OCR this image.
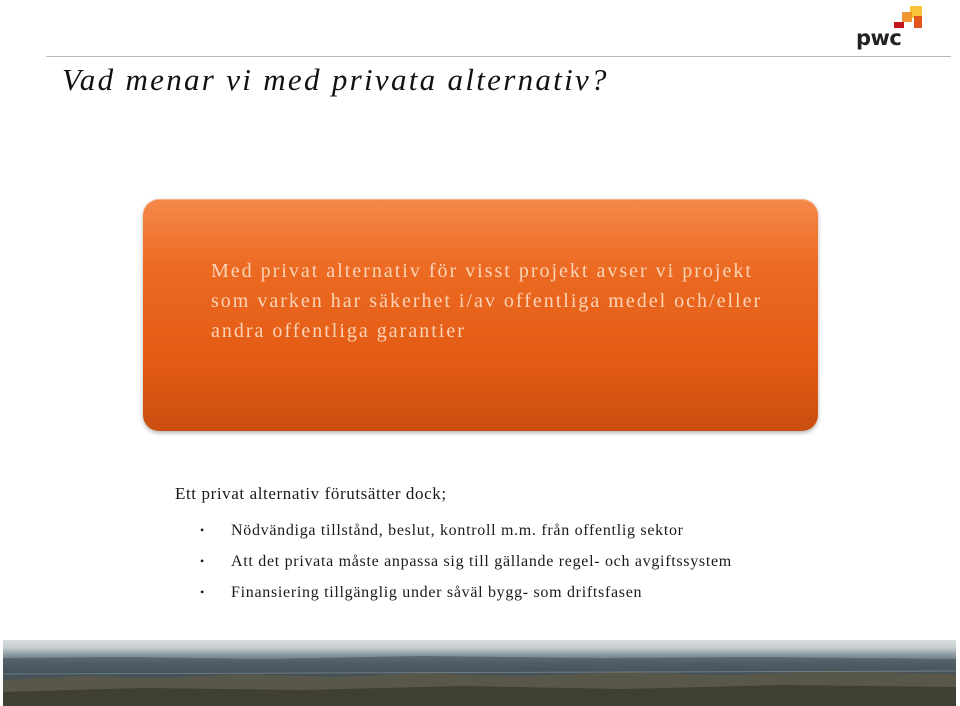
pwc
Vad menar vi med privata alternativ?
Med privat alternativ för visst projekt avser vi projekt som varken har säkerhet i/av offentliga medel och/eller andra offentliga garantier
Ett privat alternativ förutsätter dock;
• Nödvändiga tillstånd, beslut, kontroll m.m. från offentlig sektor
• Att det privata måste anpassa sig till gällande regel- och avgiftssystem
• Finansiering tillgänglig under såväl bygg- som driftsfasen
